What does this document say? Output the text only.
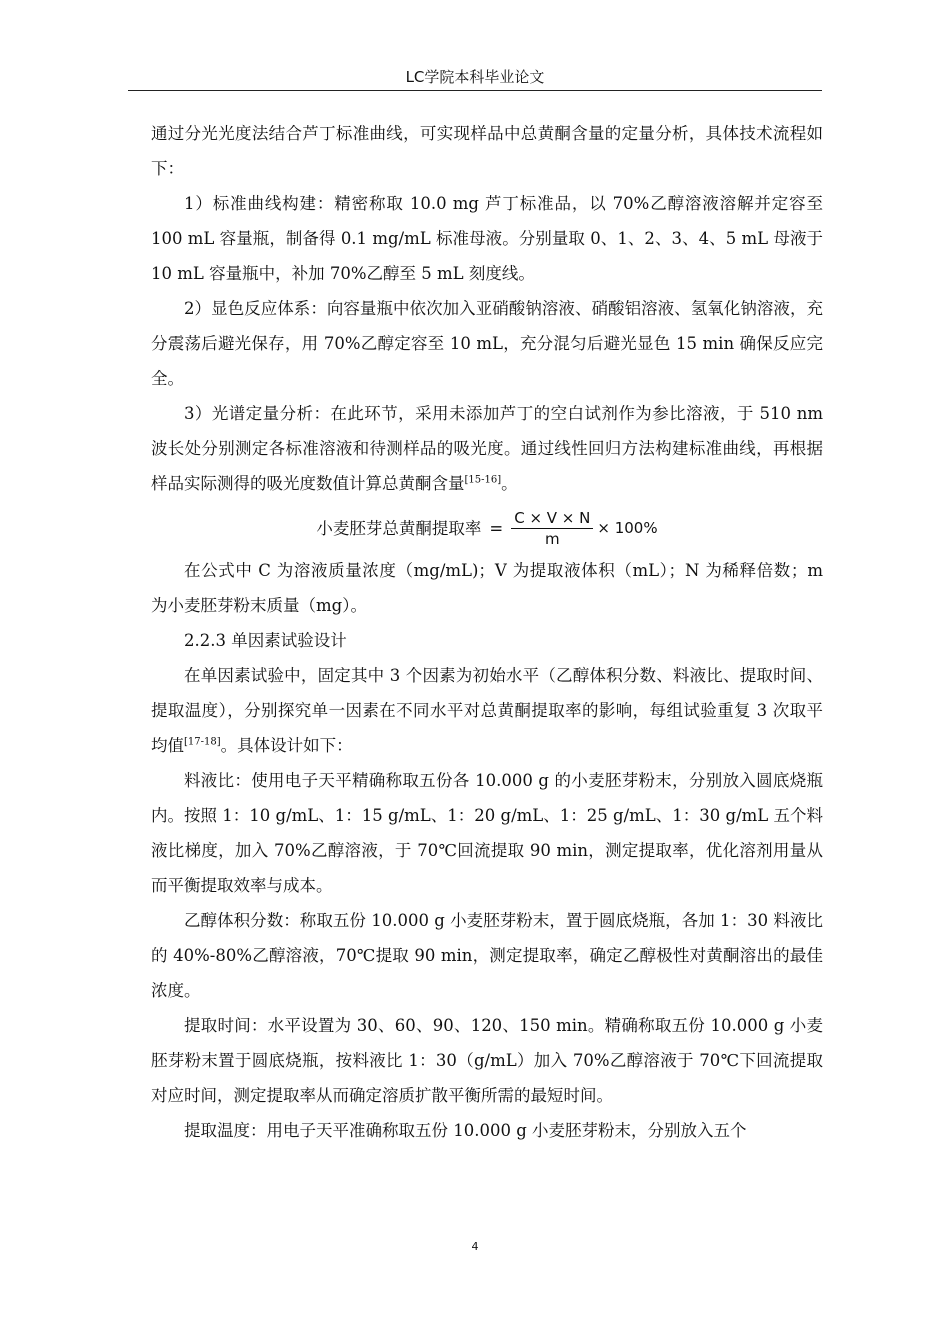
LC学院本科毕业论文

通过分光光度法结合芦丁标准曲线，可实现样品中总黄酮含量的定量分析，具体技术流程如下：

1）标准曲线构建：精密称取 10.0 mg 芦丁标准品，以 70%乙醇溶液溶解并定容至 100 mL 容量瓶，制备得 0.1 mg/mL 标准母液。分别量取 0、1、2、3、4、5 mL 母液于 10 mL 容量瓶中，补加 70%乙醇至 5 mL 刻度线。

2）显色反应体系：向容量瓶中依次加入亚硝酸钠溶液、硝酸铝溶液、氢氧化钠溶液，充分震荡后避光保存，用 70%乙醇定容至 10 mL，充分混匀后避光显色 15 min 确保反应完全。

3）光谱定量分析：在此环节，采用未添加芦丁的空白试剂作为参比溶液，于 510 nm 波长处分别测定各标准溶液和待测样品的吸光度。通过线性回归方法构建标准曲线，再根据样品实际测得的吸光度数值计算总黄酮含量[15-16]。

小麦胚芽总黄酮提取率 = $\frac{C \times V \times N}{m} \times 100\%$

在公式中 C 为溶液质量浓度（mg/mL)；V 为提取液体积（mL）；N 为稀释倍数；m 为小麦胚芽粉末质量（mg）。

2.2.3 单因素试验设计

在单因素试验中，固定其中 3 个因素为初始水平（乙醇体积分数、料液比、提取时间、提取温度），分别探究单一因素在不同水平对总黄酮提取率的影响，每组试验重复 3 次取平均值[17-18]。具体设计如下：

料液比：使用电子天平精确称取五份各 10.000 g 的小麦胚芽粉末，分别放入圆底烧瓶内。按照 1：10 g/mL、1：15 g/mL、1：20 g/mL、1：25 g/mL、1：30 g/mL 五个料液比梯度，加入 70%乙醇溶液，于 70℃回流提取 90 min，测定提取率，优化溶剂用量从而平衡提取效率与成本。

乙醇体积分数：称取五份 10.000 g 小麦胚芽粉末，置于圆底烧瓶，各加 1：30 料液比的 40%-80%乙醇溶液，70℃提取 90 min，测定提取率，确定乙醇极性对黄酮溶出的最佳浓度。

提取时间：水平设置为 30、60、90、120、150 min。精确称取五份 10.000 g 小麦胚芽粉末置于圆底烧瓶，按料液比 1：30（g/mL）加入 70%乙醇溶液于 70℃下回流提取对应时间，测定提取率从而确定溶质扩散平衡所需的最短时间。

提取温度：用电子天平准确称取五份 10.000 g 小麦胚芽粉末，分别放入五个

4
